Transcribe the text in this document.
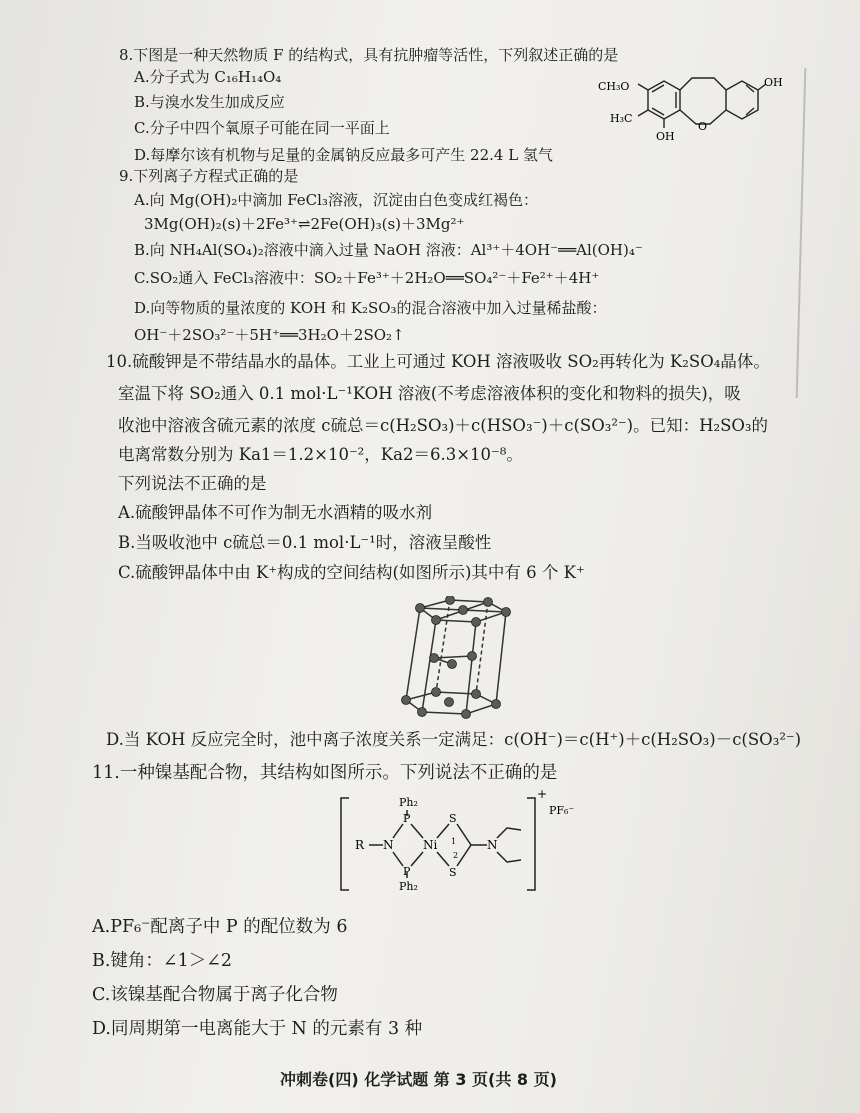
8.下图是一种天然物质 F 的结构式，具有抗肿瘤等活性，下列叙述正确的是
A.分子式为 C₁₆H₁₄O₄
B.与溴水发生加成反应
C.分子中四个氧原子可能在同一平面上
D.每摩尔该有机物与足量的金属钠反应最多可产生 22.4 L 氢气
CH₃O
H₃C
OH
OH
O
9.下列离子方程式正确的是
A.向 Mg(OH)₂中滴加 FeCl₃溶液，沉淀由白色变成红褐色：
3Mg(OH)₂(s)＋2Fe³⁺⇌2Fe(OH)₃(s)＋3Mg²⁺
B.向 NH₄Al(SO₄)₂溶液中滴入过量 NaOH 溶液：Al³⁺＋4OH⁻══Al(OH)₄⁻
C.SO₂通入 FeCl₃溶液中：SO₂＋Fe³⁺＋2H₂O══SO₄²⁻＋Fe²⁺＋4H⁺
D.向等物质的量浓度的 KOH 和 K₂SO₃的混合溶液中加入过量稀盐酸：
OH⁻＋2SO₃²⁻＋5H⁺══3H₂O＋2SO₂↑
10.硫酸钾是不带结晶水的晶体。工业上可通过 KOH 溶液吸收 SO₂再转化为 K₂SO₄晶体。
室温下将 SO₂通入 0.1 mol·L⁻¹KOH 溶液(不考虑溶液体积的变化和物料的损失)，吸
收池中溶液含硫元素的浓度 c硫总＝c(H₂SO₃)＋c(HSO₃⁻)＋c(SO₃²⁻)。已知：H₂SO₃的
电离常数分别为 Ka1＝1.2×10⁻²，Ka2＝6.3×10⁻⁸。
下列说法不正确的是
A.硫酸钾晶体不可作为制无水酒精的吸水剂
B.当吸收池中 c硫总＝0.1 mol·L⁻¹时，溶液呈酸性
C.硫酸钾晶体中由 K⁺构成的空间结构(如图所示)其中有 6 个 K⁺
D.当 KOH 反应完全时，池中离子浓度关系一定满足：c(OH⁻)＝c(H⁺)＋c(H₂SO₃)－c(SO₃²⁻)
11.一种镍基配合物，其结构如图所示。下列说法不正确的是
Ph₂
P
R N Ni
P
Ph₂
S
S
N
1
2
+
PF₆⁻
A.PF₆⁻配离子中 P 的配位数为 6
B.键角：∠1＞∠2
C.该镍基配合物属于离子化合物
D.同周期第一电离能大于 N 的元素有 3 种
冲刺卷(四) 化学试题 第 3 页(共 8 页)
